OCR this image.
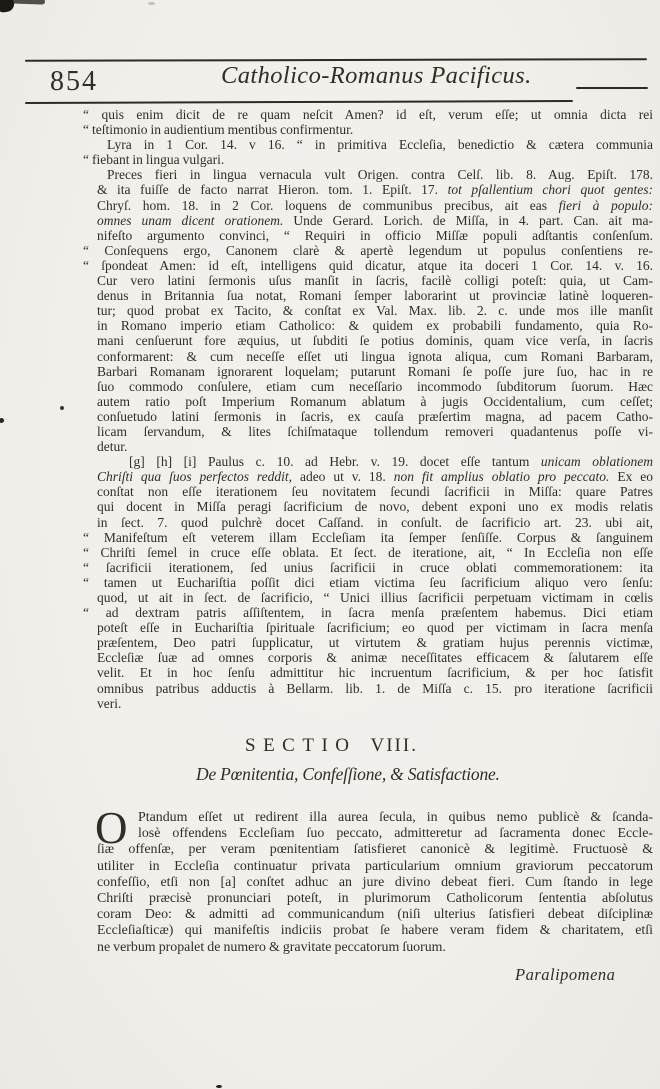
854	Catholico-Romanus Pacificus.
“ quis enim dicit de re quam neſcit Amen? id eſt, verum eſſe; ut omnia dicta rei
“ teſtimonio in audientium mentibus confirmentur.
Lyra in 1 Cor. 14. v 16. “ in primitiva Eccleſia, benedictio & cætera communia
“ fiebant in lingua vulgari.
Preces fieri in lingua vernacula vult Origen. contra Celſ. lib. 8. Aug. Epiſt. 178.
& ita fuiſſe de facto narrat Hieron. tom. 1. Epiſt. 17. tot pſallentium chori quot gentes:
Chryſ. hom. 18. in 2 Cor. loquens de communibus precibus, ait eas fieri à populo:
omnes unam dicent orationem. Unde Gerard. Lorich. de Miſſa, in 4. part. Can. ait ma-
nifeſto argumento convinci, “ Requiri in officio Miſſæ populi adſtantis conſenſum.
“ Conſequens ergo, Canonem clarè & apertè legendum ut populus conſentiens re-
“ ſpondeat Amen: id eſt, intelligens quid dicatur, atque ita doceri 1 Cor. 14. v. 16.
Cur vero latini ſermonis uſus manſit in ſacris, facilè colligi poteſt: quia, ut Cam-
denus in Britannia ſua notat, Romani ſemper laborarint ut provinciæ latinè loqueren-
tur; quod probat ex Tacito, & conſtat ex Val. Max. lib. 2. c. unde mos ille manſit
in Romano imperio etiam Catholico: & quidem ex probabili fundamento, quia Ro-
mani cenſuerunt fore æquius, ut ſubditi ſe potius dominis, quam vice verſa, in ſacris
conformarent: & cum neceſſe eſſet uti lingua ignota aliqua, cum Romani Barbaram,
Barbari Romanam ignorarent loquelam; putarunt Romani ſe poſſe jure ſuo, hac in re
ſuo commodo conſulere, etiam cum neceſſario incommodo ſubditorum ſuorum. Hæc
autem ratio poſt Imperium Romanum ablatum à jugis Occidentalium, cum ceſſet;
conſuetudo latini ſermonis in ſacris, ex cauſa præſertim magna, ad pacem Catho-
licam ſervandum, & lites ſchiſmataque tollendum removeri quadantenus poſſe vi-
detur.
[g] [h] [i] Paulus c. 10. ad Hebr. v. 19. docet eſſe tantum unicam oblationem
Chriſti qua ſuos perfectos reddit, adeo ut v. 18. non fit amplius oblatio pro peccato. Ex eo
conſtat non eſſe iterationem ſeu novitatem ſecundi ſacrificii in Miſſa: quare Patres
qui docent in Miſſa peragi ſacrificium de novo, debent exponi uno ex modis relatis
in ſect. 7. quod pulchrè docet Caſſand. in conſult. de ſacrificio art. 23. ubi ait,
“ Manifeſtum eſt veterem illam Eccleſiam ita ſemper ſenſiſſe. Corpus & ſanguinem
“ Chriſti ſemel in cruce eſſe oblata. Et ſect. de iteratione, ait, “ In Eccleſia non eſſe
“ ſacrificii iterationem, ſed unius ſacrificii in cruce oblati commemorationem: ita
“ tamen ut Euchariſtia poſſit dici etiam victima ſeu ſacrificium aliquo vero ſenſu:
quod, ut ait in ſect. de ſacrificio, “ Unici illius ſacrificii perpetuam victimam in cœlis
“ ad dextram patris aſſiſtentem, in ſacra menſa præſentem habemus. Dici etiam
poteſt eſſe in Euchariſtia ſpirituale ſacrificium; eo quod per victimam in ſacra menſa
præſentem, Deo patri ſupplicatur, ut virtutem & gratiam hujus perennis victimæ,
Eccleſiæ ſuæ ad omnes corporis & animæ neceſſitates efficacem & ſalutarem eſſe
velit. Et in hoc ſenſu admittitur hic incruentum ſacrificium, & per hoc ſatisfit
omnibus patribus adductis à Bellarm. lib. 1. de Miſſa c. 15. pro iteratione ſacrificii
veri.
SECTIO VIII.
De Pœnitentia, Confeſſione, & Satisfactione.
O Ptandum eſſet ut redirent illa aurea ſecula, in quibus nemo publicè & ſcanda-
losè offendens Eccleſiam ſuo peccato, admitteretur ad ſacramenta donec Eccle-
ſiæ offenſæ, per veram pœnitentiam ſatisfieret canonicè & legitimè. Fructuosè &
utiliter in Eccleſia continuatur privata particularium omnium graviorum peccatorum
confeſſio, etſi non [a] conſtet adhuc an jure divino debeat fieri. Cum ſtando in lege
Chriſti præcisè pronunciari poteſt, in plurimorum Catholicorum ſententia abſolutus
coram Deo: & admitti ad communicandum (niſi ulterius ſatisfieri debeat diſciplinæ
Eccleſiaſticæ) qui manifeſtis indiciis probat ſe habere veram fidem & charitatem, etſi
ne verbum propalet de numero & gravitate peccatorum ſuorum.
Paralipomena
